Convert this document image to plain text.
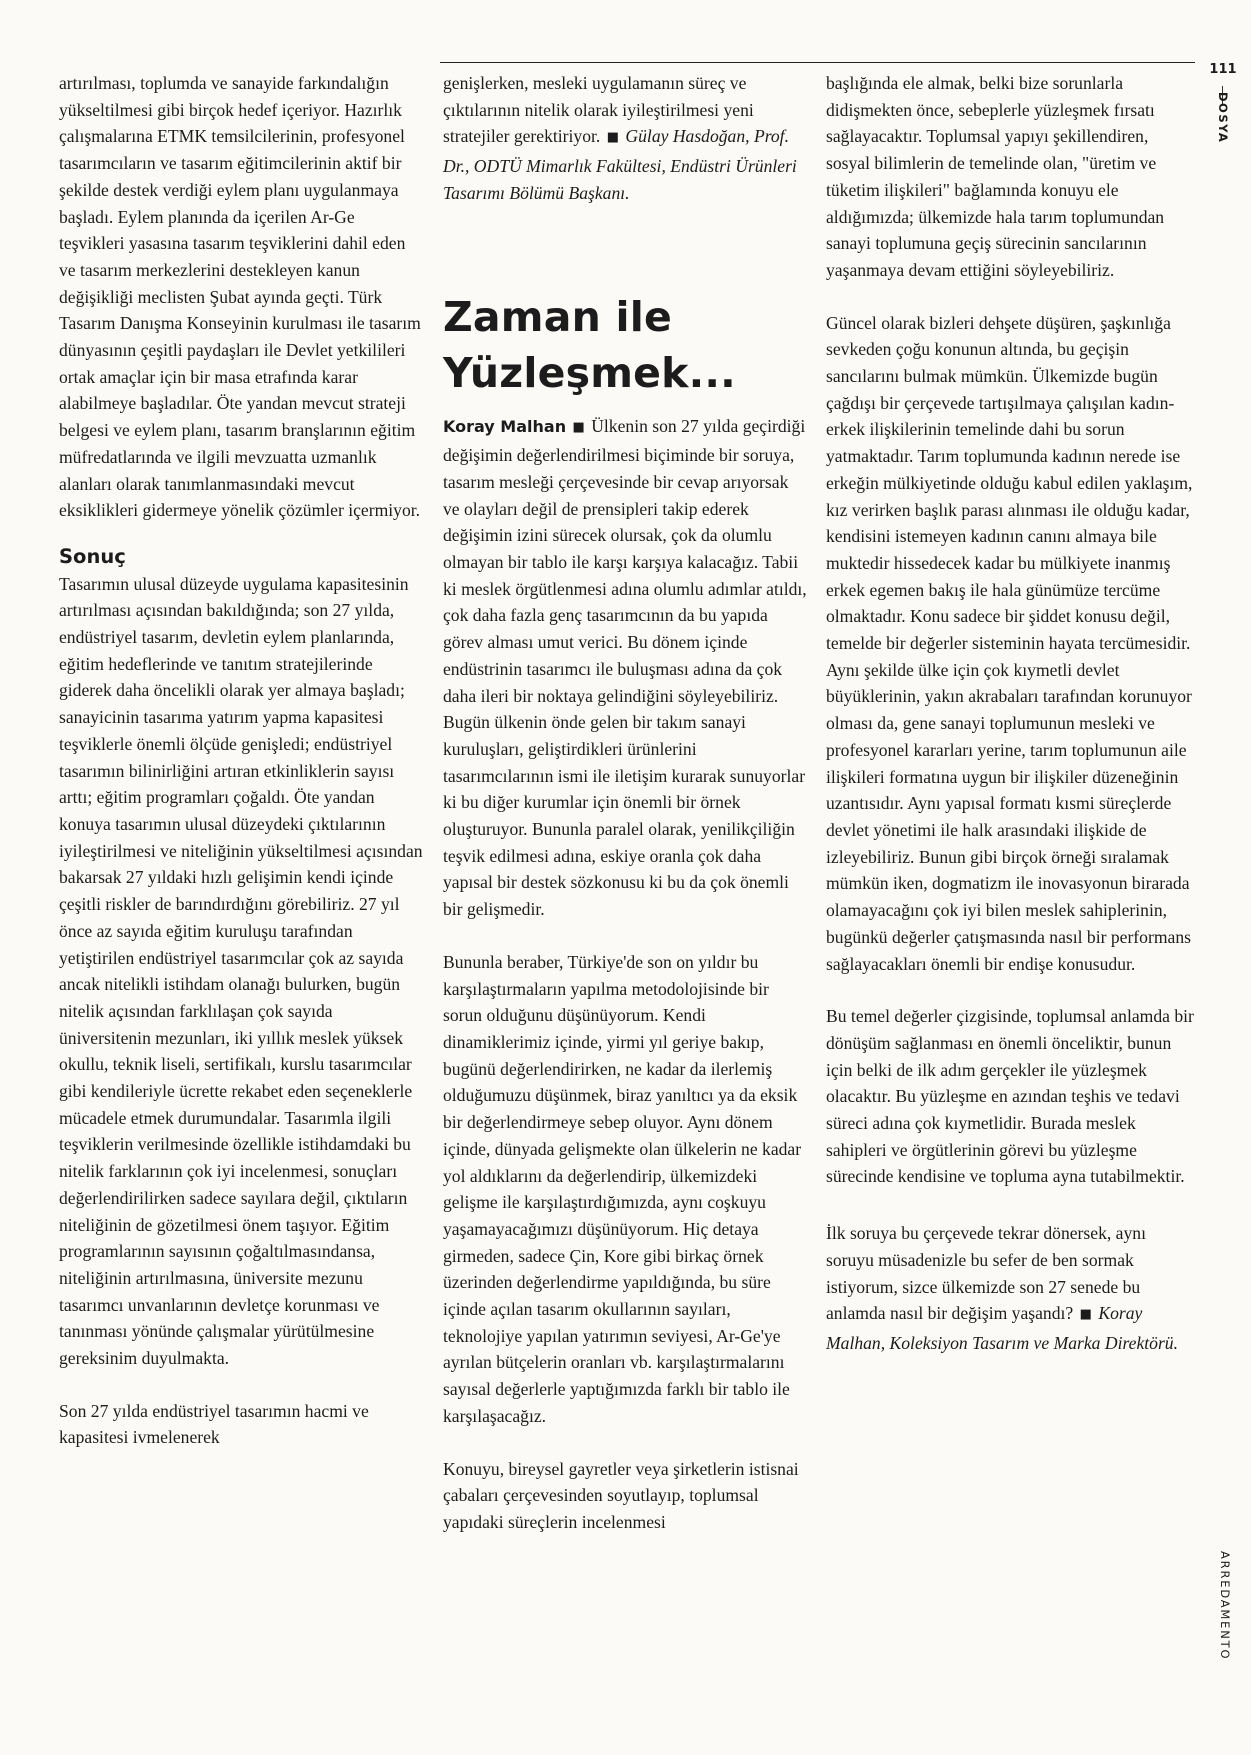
artırılması, toplumda ve sanayide farkındalığın yükseltilmesi gibi birçok hedef içeriyor. Hazırlık çalışmalarına ETMK temsilcilerinin, profesyonel tasarımcıların ve tasarım eğitimcilerinin aktif bir şekilde destek verdiği eylem planı uygulanmaya başladı. Eylem planında da içerilen Ar-Ge teşvikleri yasasına tasarım teşviklerini dahil eden ve tasarım merkezlerini destekleyen kanun değişikliği meclisten Şubat ayında geçti. Türk Tasarım Danışma Konseyinin kurulması ile tasarım dünyasının çeşitli paydaşları ile Devlet yetkilileri ortak amaçlar için bir masa etrafında karar alabilmeye başladılar. Öte yandan mevcut strateji belgesi ve eylem planı, tasarım branşlarının eğitim müfredatlarında ve ilgili mevzuatta uzmanlık alanları olarak tanımlanmasındaki mevcut eksiklikleri gidermeye yönelik çözümler içermiyor.

Sonuç

Tasarımın ulusal düzeyde uygulama kapasitesinin artırılması açısından bakıldığında; son 27 yılda, endüstriyel tasarım, devletin eylem planlarında, eğitim hedeflerinde ve tanıtım stratejilerinde giderek daha öncelikli olarak yer almaya başladı; sanayicinin tasarıma yatırım yapma kapasitesi teşviklerle önemli ölçüde genişledi; endüstriyel tasarımın bilinirliğini artıran etkinliklerin sayısı arttı; eğitim programları çoğaldı. Öte yandan konuya tasarımın ulusal düzeydeki çıktılarının iyileştirilmesi ve niteliğinin yükseltilmesi açısından bakarsak 27 yıldaki hızlı gelişimin kendi içinde çeşitli riskler de barındırdığını görebiliriz. 27 yıl önce az sayıda eğitim kuruluşu tarafından yetiştirilen endüstriyel tasarımcılar çok az sayıda ancak nitelikli istihdam olanağı bulurken, bugün nitelik açısından farklılaşan çok sayıda üniversitenin mezunları, iki yıllık meslek yüksek okullu, teknik liseli, sertifikalı, kurslu tasarımcılar gibi kendileriyle ücrette rekabet eden seçeneklerle mücadele etmek durumundalar. Tasarımla ilgili teşviklerin verilmesinde özellikle istihdamdaki bu nitelik farklarının çok iyi incelenmesi, sonuçları değerlendirilirken sadece sayılara değil, çıktıların niteliğinin de gözetilmesi önem taşıyor. Eğitim programlarının sayısının çoğaltılmasındansa, niteliğinin artırılmasına, üniversite mezunu tasarımcı unvanlarının devletçe korunması ve tanınması yönünde çalışmalar yürütülmesine gereksinim duyulmakta.

Son 27 yılda endüstriyel tasarımın hacmi ve kapasitesi ivmelenerek

genişlerken, mesleki uygulamanın süreç ve çıktılarının nitelik olarak iyileştirilmesi yeni stratejiler gerektiriyor. ■ Gülay Hasdoğan, Prof. Dr., ODTÜ Mimarlık Fakültesi, Endüstri Ürünleri Tasarımı Bölümü Başkanı.

Zaman ile Yüzleşmek...

Koray Malhan ■ Ülkenin son 27 yılda geçirdiği değişimin değerlendirilmesi biçiminde bir soruya, tasarım mesleği çerçevesinde bir cevap arıyorsak ve olayları değil de prensipleri takip ederek değişimin izini sürecek olursak, çok da olumlu olmayan bir tablo ile karşı karşıya kalacağız. Tabii ki meslek örgütlenmesi adına olumlu adımlar atıldı, çok daha fazla genç tasarımcının da bu yapıda görev alması umut verici. Bu dönem içinde endüstrinin tasarımcı ile buluşması adına da çok daha ileri bir noktaya gelindiğini söyleyebiliriz. Bugün ülkenin önde gelen bir takım sanayi kuruluşları, geliştirdikleri ürünlerini tasarımcılarının ismi ile iletişim kurarak sunuyorlar ki bu diğer kurumlar için önemli bir örnek oluşturuyor. Bununla paralel olarak, yenilikçiliğin teşvik edilmesi adına, eskiye oranla çok daha yapısal bir destek sözkonusu ki bu da çok önemli bir gelişmedir.

Bununla beraber, Türkiye'de son on yıldır bu karşılaştırmaların yapılma metodolojisinde bir sorun olduğunu düşünüyorum. Kendi dinamiklerimiz içinde, yirmi yıl geriye bakıp, bugünü değerlendirirken, ne kadar da ilerlemiş olduğumuzu düşünmek, biraz yanıltıcı ya da eksik bir değerlendirmeye sebep oluyor. Aynı dönem içinde, dünyada gelişmekte olan ülkelerin ne kadar yol aldıklarını da değerlendirip, ülkemizdeki gelişme ile karşılaştırdığımızda, aynı coşkuyu yaşamayacağımızı düşünüyorum. Hiç detaya girmeden, sadece Çin, Kore gibi birkaç örnek üzerinden değerlendirme yapıldığında, bu süre içinde açılan tasarım okullarının sayıları, teknolojiye yapılan yatırımın seviyesi, Ar-Ge'ye ayrılan bütçelerin oranları vb. karşılaştırmalarını sayısal değerlerle yaptığımızda farklı bir tablo ile karşılaşacağız.

Konuyu, bireysel gayretler veya şirketlerin istisnai çabaları çerçevesinden soyutlayıp, toplumsal yapıdaki süreçlerin incelenmesi

başlığında ele almak, belki bize sorunlarla didişmekten önce, sebeplerle yüzleşmek fırsatı sağlayacaktır. Toplumsal yapıyı şekillendiren, sosyal bilimlerin de temelinde olan, "üretim ve tüketim ilişkileri" bağlamında konuyu ele aldığımızda; ülkemizde hala tarım toplumundan sanayi toplumuna geçiş sürecinin sancılarının yaşanmaya devam ettiğini söyleyebiliriz.

Güncel olarak bizleri dehşete düşüren, şaşkınlığa sevkeden çoğu konunun altında, bu geçişin sancılarını bulmak mümkün. Ülkemizde bugün çağdışı bir çerçevede tartışılmaya çalışılan kadın-erkek ilişkilerinin temelinde dahi bu sorun yatmaktadır. Tarım toplumunda kadının nerede ise erkeğin mülkiyetinde olduğu kabul edilen yaklaşım, kız verirken başlık parası alınması ile olduğu kadar, kendisini istemeyen kadının canını almaya bile muktedir hissedecek kadar bu mülkiyete inanmış erkek egemen bakış ile hala günümüze tercüme olmaktadır. Konu sadece bir şiddet konusu değil, temelde bir değerler sisteminin hayata tercümesidir. Aynı şekilde ülke için çok kıymetli devlet büyüklerinin, yakın akrabaları tarafından korunuyor olması da, gene sanayi toplumunun mesleki ve profesyonel kararları yerine, tarım toplumunun aile ilişkileri formatına uygun bir ilişkiler düzeneğinin uzantısıdır. Aynı yapısal formatı kısmi süreçlerde devlet yönetimi ile halk arasındaki ilişkide de izleyebiliriz. Bunun gibi birçok örneği sıralamak mümkün iken, dogmatizm ile inovasyonun birarada olamayacağını çok iyi bilen meslek sahiplerinin, bugünkü değerler çatışmasında nasıl bir performans sağlayacakları önemli bir endişe konusudur.

Bu temel değerler çizgisinde, toplumsal anlamda bir dönüşüm sağlanması en önemli önceliktir, bunun için belki de ilk adım gerçekler ile yüzleşmek olacaktır. Bu yüzleşme en azından teşhis ve tedavi süreci adına çok kıymetlidir. Burada meslek sahipleri ve örgütlerinin görevi bu yüzleşme sürecinde kendisine ve topluma ayna tutabilmektir.

İlk soruya bu çerçevede tekrar dönersek, aynı soruyu müsadenizle bu sefer de ben sormak istiyorum, sizce ülkemizde son 27 senede bu anlamda nasıl bir değişim yaşandı? ■ Koray Malhan, Koleksiyon Tasarım ve Marka Direktörü.

111
DOSYA
ARREDAMENTO
